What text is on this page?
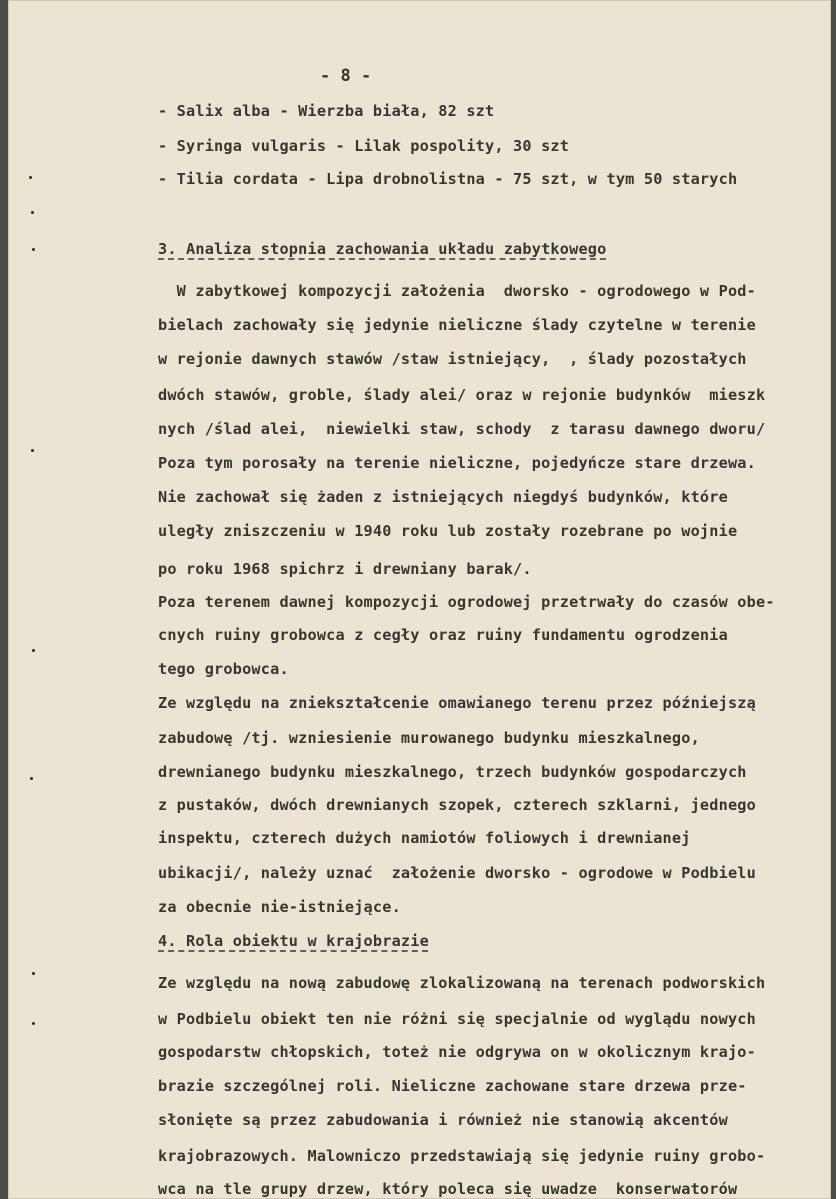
- 8 -
- Salix alba - Wierzba biała, 82 szt
- Syringa vulgaris - Lilak pospolity, 30 szt
- Tilia cordata - Lipa drobnolistna - 75 szt, w tym 50 starych
3. Analiza stopnia zachowania układu zabytkowego
W zabytkowej kompozycji założenia  dworsko - ogrodowego w Pod-
bielach zachowały się jedynie nieliczne ślady czytelne w terenie
w rejonie dawnych stawów /staw istniejący,  , ślady pozostałych
dwóch stawów, groble, ślady alei/ oraz w rejonie budynków  mieszk
nych /ślad alei,  niewielki staw, schody  z tarasu dawnego dworu/
Poza tym porosały na terenie nieliczne, pojedyńcze stare drzewa.
Nie zachował się żaden z istniejących niegdyś budynków, które
uległy zniszczeniu w 1940 roku lub zostały rozebrane po wojnie
po roku 1968 spichrz i drewniany barak/.
Poza terenem dawnej kompozycji ogrodowej przetrwały do czasów obe-
cnych ruiny grobowca z cegły oraz ruiny fundamentu ogrodzenia
tego grobowca.
Ze względu na zniekształcenie omawianego terenu przez późniejszą
zabudowę /tj. wzniesienie murowanego budynku mieszkalnego,
drewnianego budynku mieszkalnego, trzech budynków gospodarczych
z pustaków, dwóch drewnianych szopek, czterech szklarni, jednego
inspektu, czterech dużych namiotów foliowych i drewnianej
ubikacji/, należy uznać  założenie dworsko - ogrodowe w Podbielu
za obecnie nie-istniejące.
4. Rola obiektu w krajobrazie
Ze względu na nową zabudowę zlokalizowaną na terenach podworskich
w Podbielu obiekt ten nie różni się specjalnie od wyglądu nowych
gospodarstw chłopskich, toteż nie odgrywa on w okolicznym krajo-
brazie szczególnej roli. Nieliczne zachowane stare drzewa prze-
słonięte są przez zabudowania i również nie stanowią akcentów
krajobrazowych. Malowniczo przedstawiają się jedynie ruiny grobo-
wca na tle grupy drzew, który poleca się uwadze  konserwatorów
